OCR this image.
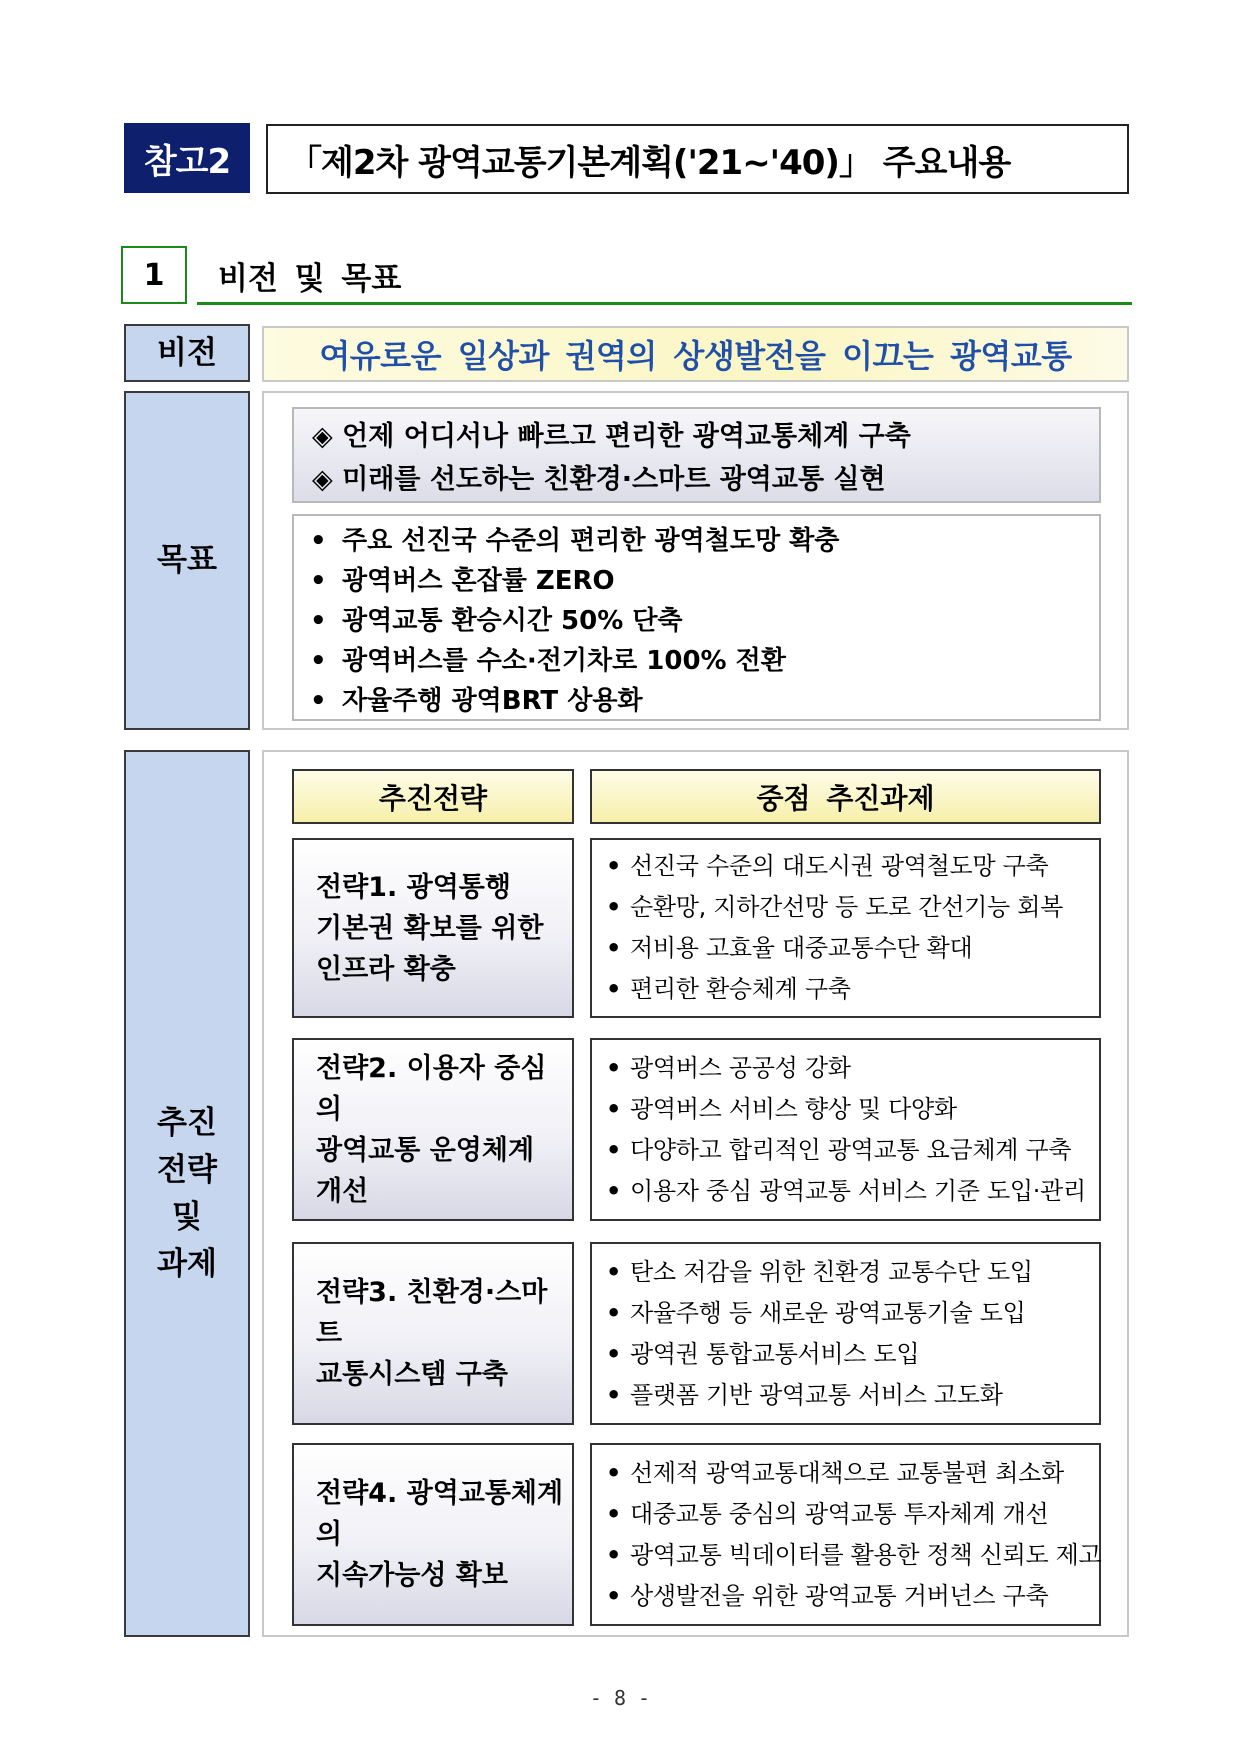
참고2	「제2차 광역교통기본계획('21~'40)」 주요내용
1	비전 및 목표
비전	여유로운 일상과 권역의 상생발전을 이끄는 광역교통
목표
◈ 언제 어디서나 빠르고 편리한 광역교통체계 구축
◈ 미래를 선도하는 친환경·스마트 광역교통 실현
• 주요 선진국 수준의 편리한 광역철도망 확충
• 광역버스 혼잡률 ZERO
• 광역교통 환승시간 50% 단축
• 광역버스를 수소·전기차로 100% 전환
• 자율주행 광역BRT 상용화
추진
전략
및
과제
추진전략	중점 추진과제
전략1. 광역통행
기본권 확보를 위한
인프라 확충
• 선진국 수준의 대도시권 광역철도망 구축
• 순환망, 지하간선망 등 도로 간선기능 회복
• 저비용 고효율 대중교통수단 확대
• 편리한 환승체계 구축
전략2. 이용자 중심의
광역교통 운영체계
개선
• 광역버스 공공성 강화
• 광역버스 서비스 향상 및 다양화
• 다양하고 합리적인 광역교통 요금체계 구축
• 이용자 중심 광역교통 서비스 기준 도입·관리
전략3. 친환경·스마트
교통시스템 구축
• 탄소 저감을 위한 친환경 교통수단 도입
• 자율주행 등 새로운 광역교통기술 도입
• 광역권 통합교통서비스 도입
• 플랫폼 기반 광역교통 서비스 고도화
전략4. 광역교통체계의
지속가능성 확보
• 선제적 광역교통대책으로 교통불편 최소화
• 대중교통 중심의 광역교통 투자체계 개선
• 광역교통 빅데이터를 활용한 정책 신뢰도 제고
• 상생발전을 위한 광역교통 거버넌스 구축
- 8 -
